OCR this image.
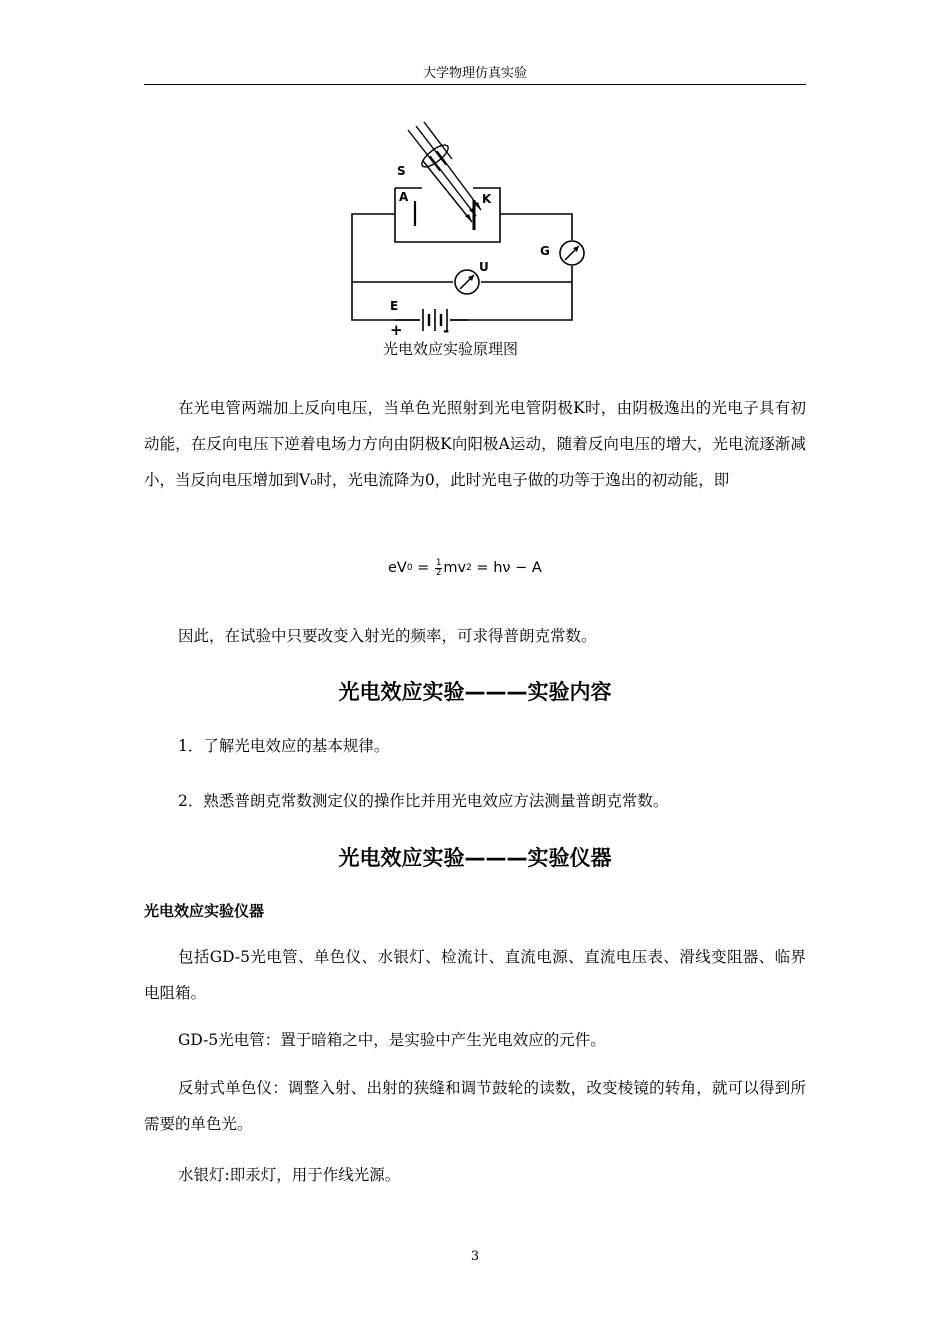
大学物理仿真实验
S
A	K
G
U
E
+	-
光电效应实验原理图

在光电管两端加上反向电压，当单色光照射到光电管阴极K时，由阴极逸出的光电子具有初动能，在反向电压下逆着电场力方向由阴极K向阳极A运动，随着反向电压的增大，光电流逐渐减小，当反向电压增加到V₀时，光电流降为0，此时光电子做的功等于逸出的初动能，即

eV $0 = \frac{1}{2}$ mv 2 = hν − A

因此，在试验中只要改变入射光的频率，可求得普朗克常数。

光电效应实验———实验内容

1．了解光电效应的基本规律。

2．熟悉普朗克常数测定仪的操作比并用光电效应方法测量普朗克常数。

光电效应实验———实验仪器
光电效应实验仪器

包括GD-5光电管、单色仪、水银灯、检流计、直流电源、直流电压表、滑线变阻器、临界电阻箱。

GD-5光电管：置于暗箱之中，是实验中产生光电效应的元件。

反射式单色仪：调整入射、出射的狭缝和调节鼓轮的读数，改变棱镜的转角，就可以得到所需要的单色光。

水银灯:即汞灯，用于作线光源。

3
